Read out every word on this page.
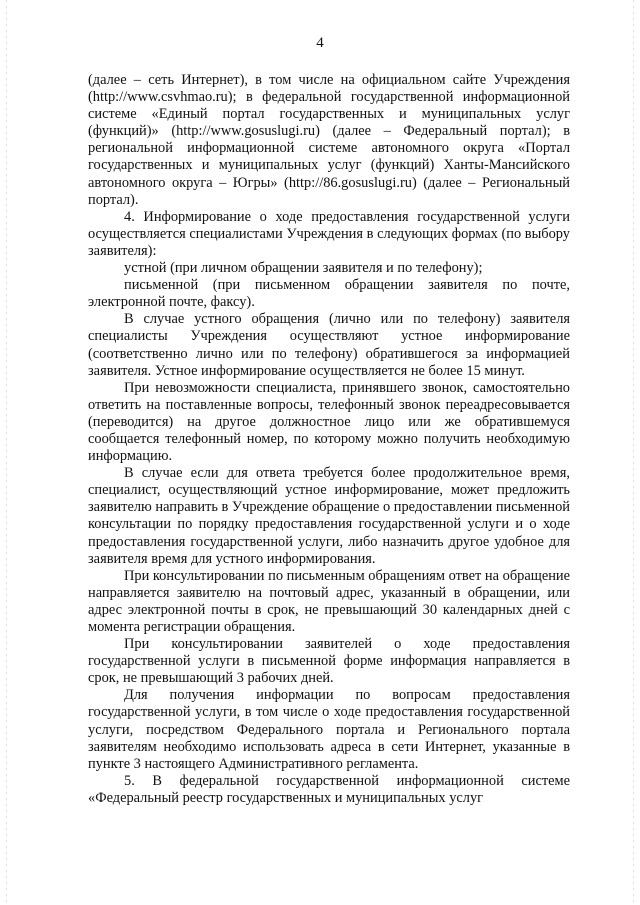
4

(далее – сеть Интернет), в том числе на официальном сайте Учреждения (http://www.csvhmao.ru); в федеральной государственной информационной системе «Единый портал государственных и муниципальных услуг (функций)» (http://www.gosuslugi.ru) (далее – Федеральный портал); в региональной информационной системе автономного округа «Портал государственных и муниципальных услуг (функций) Ханты-Мансийского автономного округа – Югры» (http://86.gosuslugi.ru) (далее – Региональный портал).

4. Информирование о ходе предоставления государственной услуги осуществляется специалистами Учреждения в следующих формах (по выбору заявителя):

устной (при личном обращении заявителя и по телефону);

письменной (при письменном обращении заявителя по почте, электронной почте, факсу).

В случае устного обращения (лично или по телефону) заявителя специалисты Учреждения осуществляют устное информирование (соответственно лично или по телефону) обратившегося за информацией заявителя. Устное информирование осуществляется не более 15 минут.

При невозможности специалиста, принявшего звонок, самостоятельно ответить на поставленные вопросы, телефонный звонок переадресовывается (переводится) на другое должностное лицо или же обратившемуся сообщается телефонный номер, по которому можно получить необходимую информацию.

В случае если для ответа требуется более продолжительное время, специалист, осуществляющий устное информирование, может предложить заявителю направить в Учреждение обращение о предоставлении письменной консультации по порядку предоставления государственной услуги и о ходе предоставления государственной услуги, либо назначить другое удобное для заявителя время для устного информирования.

При консультировании по письменным обращениям ответ на обращение направляется заявителю на почтовый адрес, указанный в обращении, или адрес электронной почты в срок, не превышающий 30 календарных дней с момента регистрации обращения.

При консультировании заявителей о ходе предоставления государственной услуги в письменной форме информация направляется в срок, не превышающий 3 рабочих дней.

Для получения информации по вопросам предоставления государственной услуги, в том числе о ходе предоставления государственной услуги, посредством Федерального портала и Регионального портала заявителям необходимо использовать адреса в сети Интернет, указанные в пункте 3 настоящего Административного регламента.

5. В федеральной государственной информационной системе «Федеральный реестр государственных и муниципальных услуг
